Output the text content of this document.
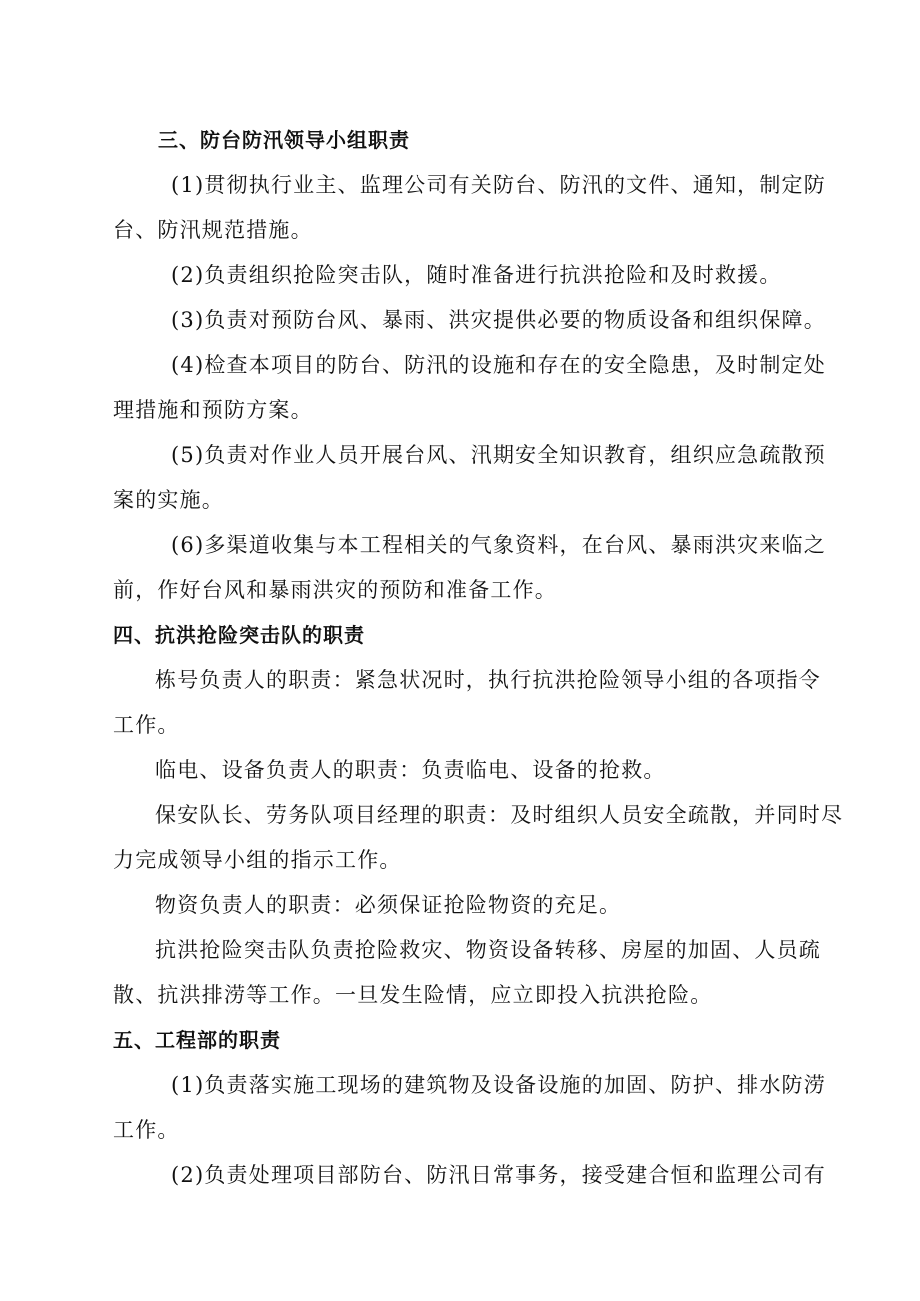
三、防台防汛领导小组职责
(1)贯彻执行业主、监理公司有关防台、防汛的文件、通知，制定防
台、防汛规范措施。
(2)负责组织抢险突击队，随时准备进行抗洪抢险和及时救援。
(3)负责对预防台风、暴雨、洪灾提供必要的物质设备和组织保障。
(4)检查本项目的防台、防汛的设施和存在的安全隐患，及时制定处
理措施和预防方案。
(5)负责对作业人员开展台风、汛期安全知识教育，组织应急疏散预
案的实施。
(6)多渠道收集与本工程相关的气象资料，在台风、暴雨洪灾来临之
前，作好台风和暴雨洪灾的预防和准备工作。
四、抗洪抢险突击队的职责
栋号负责人的职责：紧急状况时，执行抗洪抢险领导小组的各项指令
工作。
临电、设备负责人的职责：负责临电、设备的抢救。
保安队长、劳务队项目经理的职责：及时组织人员安全疏散，并同时尽
力完成领导小组的指示工作。
物资负责人的职责：必须保证抢险物资的充足。
抗洪抢险突击队负责抢险救灾、物资设备转移、房屋的加固、人员疏
散、抗洪排涝等工作。一旦发生险情，应立即投入抗洪抢险。
五、工程部的职责
(1)负责落实施工现场的建筑物及设备设施的加固、防护、排水防涝
工作。
(2)负责处理项目部防台、防汛日常事务，接受建合恒和监理公司有
